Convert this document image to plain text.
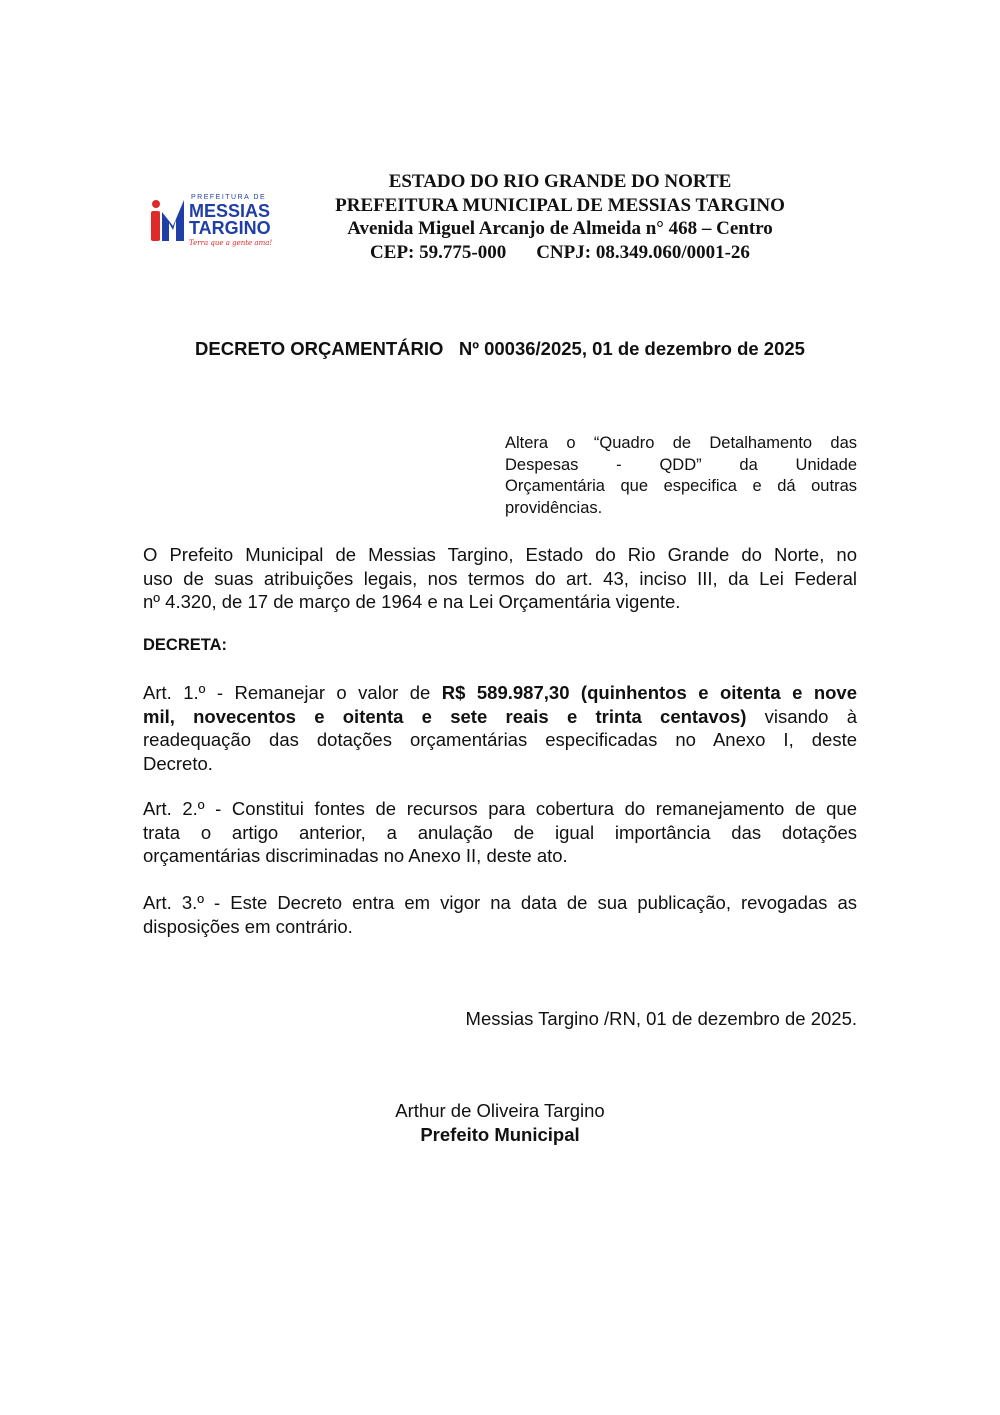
PREFEITURA DE
MESSIAS
TARGINO
Terra que a gente ama!
ESTADO DO RIO GRANDE DO NORTE
PREFEITURA MUNICIPAL DE MESSIAS TARGINO
Avenida Miguel Arcanjo de Almeida n° 468 – Centro
CEP: 59.775-000 CNPJ: 08.349.060/0001-26
DECRETO ORÇAMENTÁRIO   Nº 00036/2025, 01 de dezembro de 2025
Altera o “Quadro de Detalhamento das
Despesas - QDD” da Unidade
Orçamentária que especifica e dá outras
providências.
O Prefeito Municipal de Messias Targino, Estado do Rio Grande do Norte, no
uso de suas atribuições legais, nos termos do art. 43, inciso III, da Lei Federal
nº 4.320, de 17 de março de 1964 e na Lei Orçamentária vigente.
DECRETA:
Art. 1.º - Remanejar o valor de R$ 589.987,30 (quinhentos e oitenta e nove
mil, novecentos e oitenta e sete reais e trinta centavos) visando à
readequação das dotações orçamentárias especificadas no Anexo I, deste
Decreto.
Art. 2.º - Constitui fontes de recursos para cobertura do remanejamento de que
trata o artigo anterior, a anulação de igual importância das dotações
orçamentárias discriminadas no Anexo II, deste ato.
Art. 3.º - Este Decreto entra em vigor na data de sua publicação, revogadas as
disposições em contrário.
Messias Targino /RN, 01 de dezembro de 2025.
Arthur de Oliveira Targino
Prefeito Municipal
